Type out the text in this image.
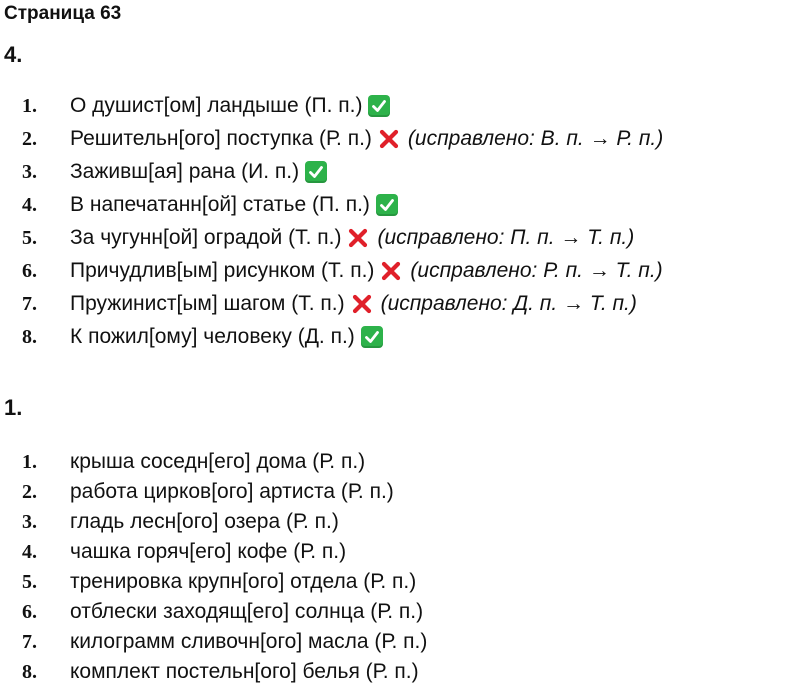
Страница 63
4.
1.	О душист[ом] ландыше (П. п.)
2.	Решительн[ого] поступка (Р. п.) (исправлено: В. п. → Р. п.)
3.	Заживш[ая] рана (И. п.)
4.	В напечатанн[ой] статье (П. п.)
5.	За чугунн[ой] оградой (Т. п.) (исправлено: П. п. → Т. п.)
6.	Причудлив[ым] рисунком (Т. п.) (исправлено: Р. п. → Т. п.)
7.	Пружинист[ым] шагом (Т. п.) (исправлено: Д. п. → Т. п.)
8.	К пожил[ому] человеку (Д. п.)
1.
1.	крыша соседн[его] дома (Р. п.)
2.	работа цирков[ого] артиста (Р. п.)
3.	гладь лесн[ого] озера (Р. п.)
4.	чашка горяч[его] кофе (Р. п.)
5.	тренировка крупн[ого] отдела (Р. п.)
6.	отблески заходящ[его] солнца (Р. п.)
7.	килограмм сливочн[ого] масла (Р. п.)
8.	комплект постельн[ого] белья (Р. п.)
